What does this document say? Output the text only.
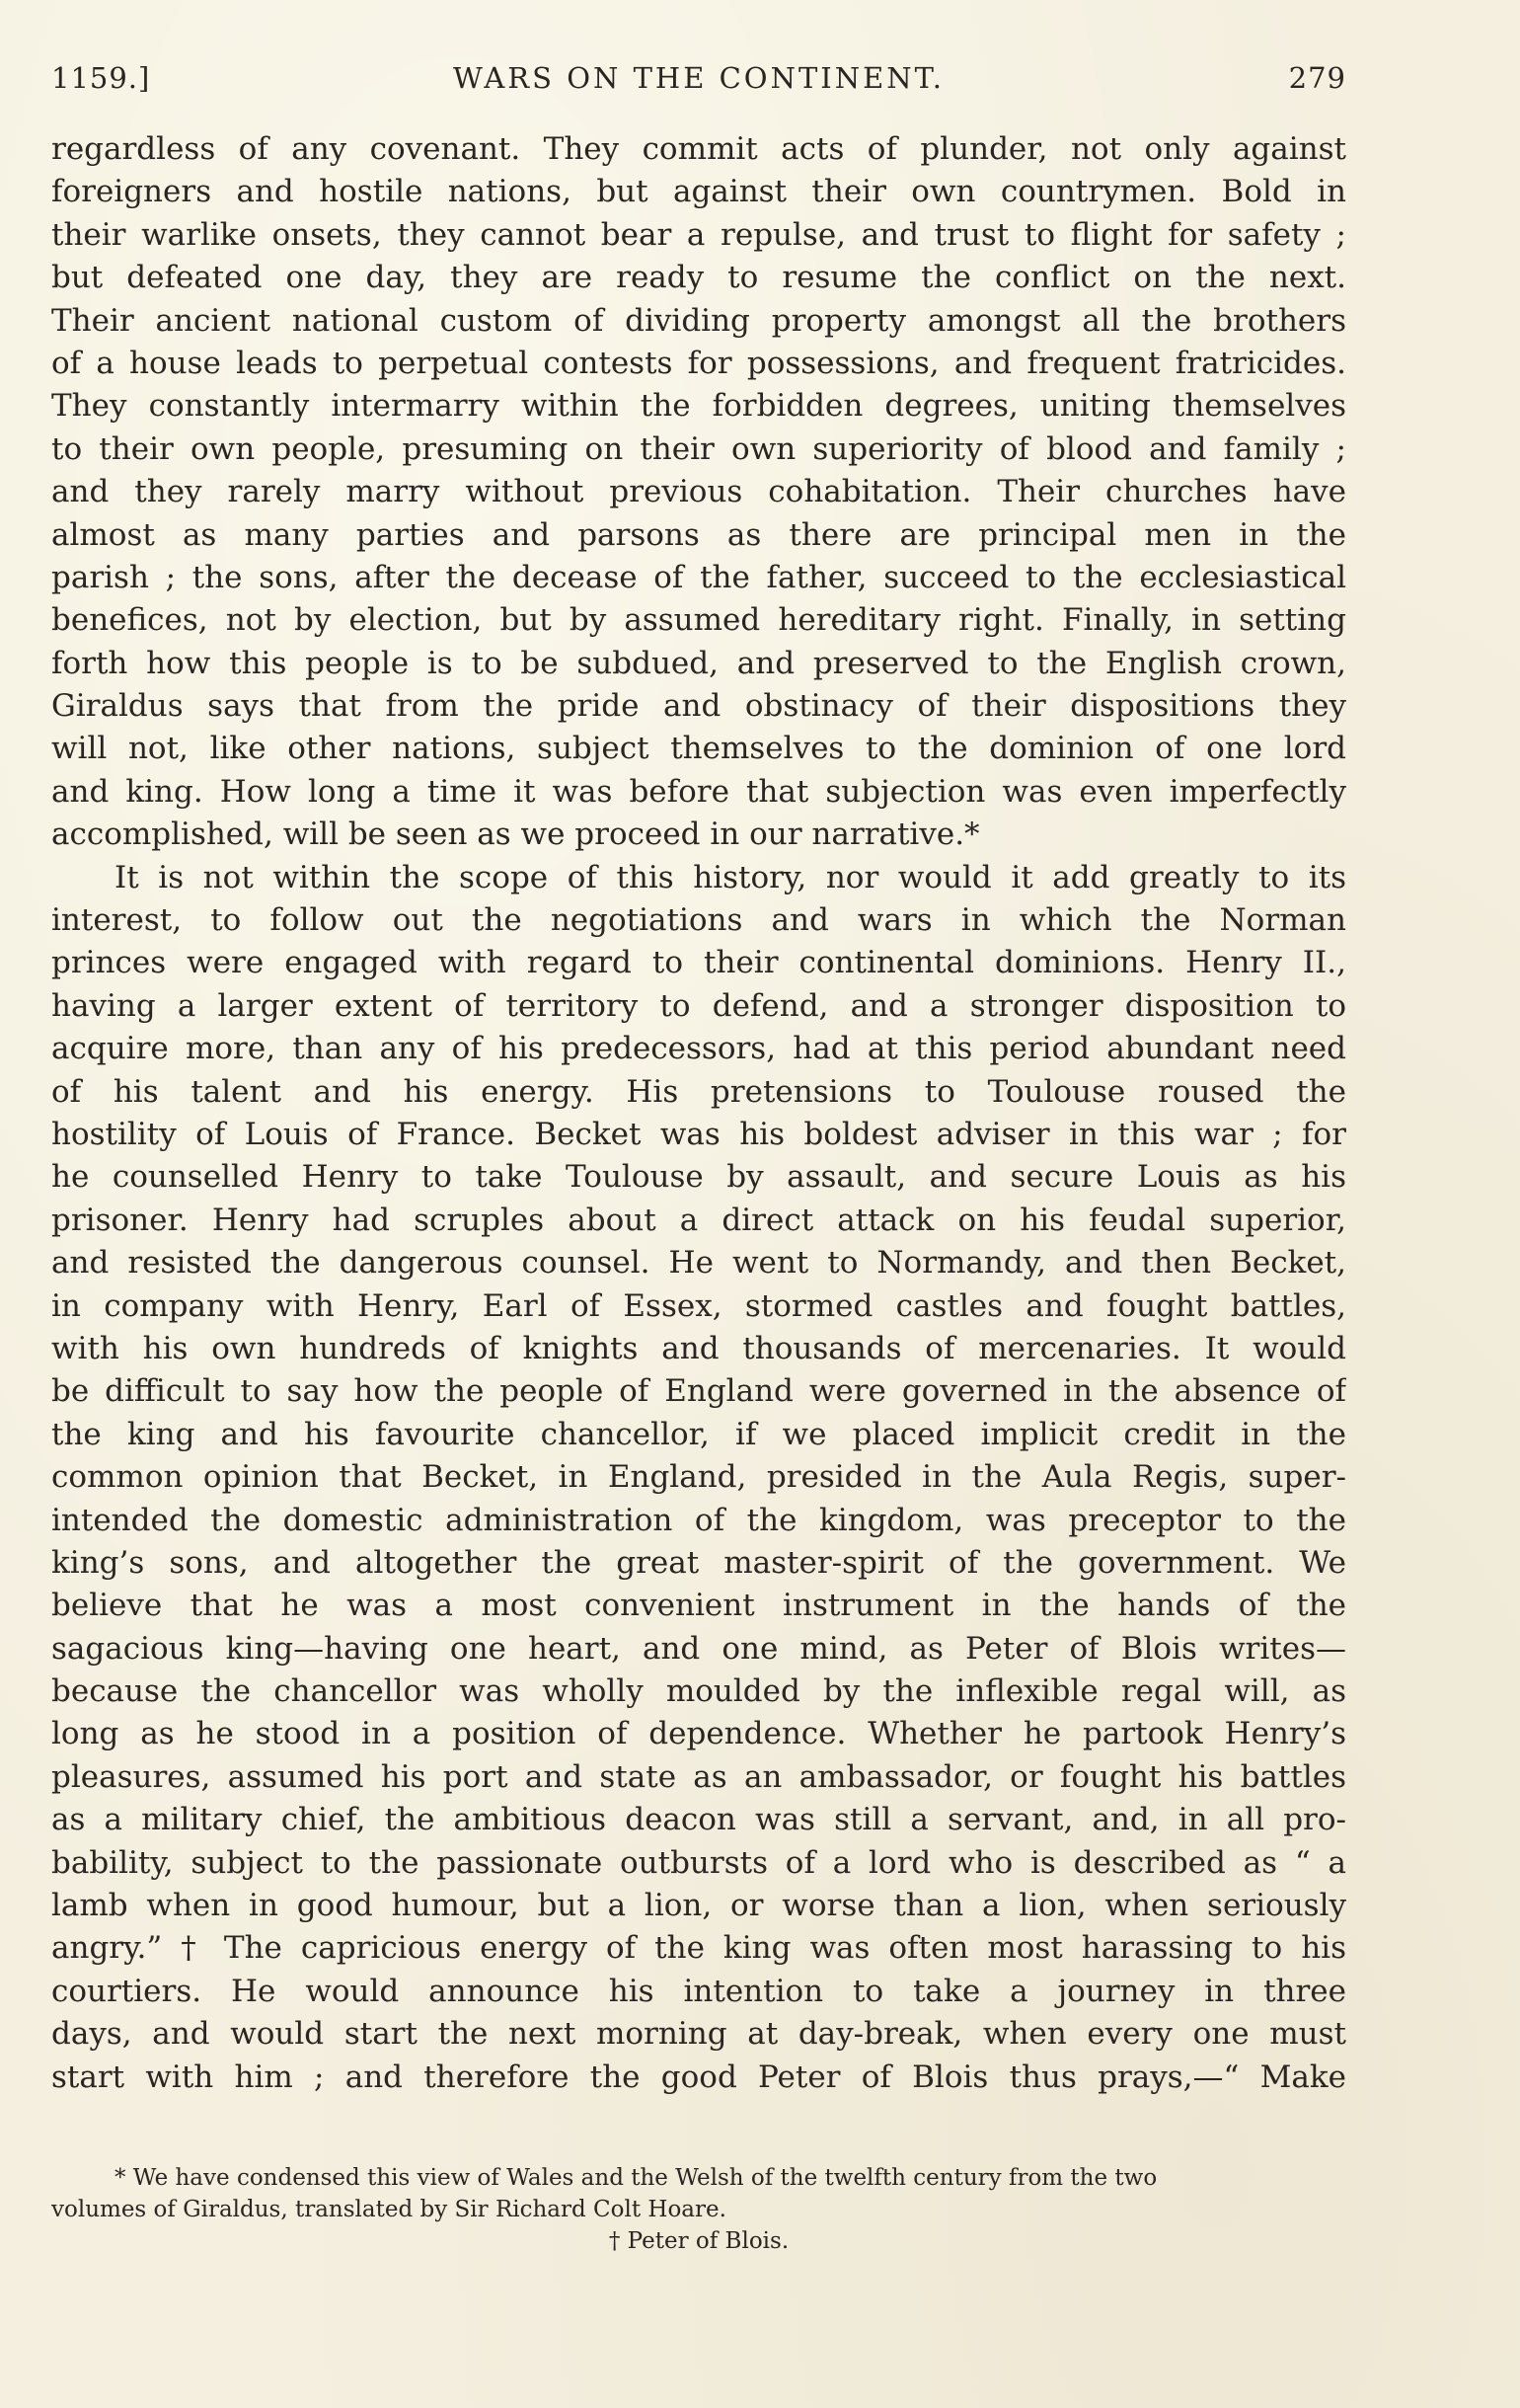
1159.]	WARS ON THE CONTINENT.	279
regardless of any covenant. They commit acts of plunder, not only against
foreigners and hostile nations, but against their own countrymen. Bold in
their warlike onsets, they cannot bear a repulse, and trust to flight for safety ;
but defeated one day, they are ready to resume the conflict on the next.
Their ancient national custom of dividing property amongst all the brothers
of a house leads to perpetual contests for possessions, and frequent fratricides.
They constantly intermarry within the forbidden degrees, uniting themselves
to their own people, presuming on their own superiority of blood and family ;
and they rarely marry without previous cohabitation. Their churches have
almost as many parties and parsons as there are principal men in the
parish ; the sons, after the decease of the father, succeed to the ecclesiastical
benefices, not by election, but by assumed hereditary right. Finally, in setting
forth how this people is to be subdued, and preserved to the English crown,
Giraldus says that from the pride and obstinacy of their dispositions they
will not, like other nations, subject themselves to the dominion of one lord
and king. How long a time it was before that subjection was even imperfectly
accomplished, will be seen as we proceed in our narrative.*
It is not within the scope of this history, nor would it add greatly to its
interest, to follow out the negotiations and wars in which the Norman
princes were engaged with regard to their continental dominions. Henry II.,
having a larger extent of territory to defend, and a stronger disposition to
acquire more, than any of his predecessors, had at this period abundant need
of his talent and his energy. His pretensions to Toulouse roused the
hostility of Louis of France. Becket was his boldest adviser in this war ; for
he counselled Henry to take Toulouse by assault, and secure Louis as his
prisoner. Henry had scruples about a direct attack on his feudal superior,
and resisted the dangerous counsel. He went to Normandy, and then Becket,
in company with Henry, Earl of Essex, stormed castles and fought battles,
with his own hundreds of knights and thousands of mercenaries. It would
be difficult to say how the people of England were governed in the absence of
the king and his favourite chancellor, if we placed implicit credit in the
common opinion that Becket, in England, presided in the Aula Regis, super-
intended the domestic administration of the kingdom, was preceptor to the
king’s sons, and altogether the great master-spirit of the government. We
believe that he was a most convenient instrument in the hands of the
sagacious king—having one heart, and one mind, as Peter of Blois writes—
because the chancellor was wholly moulded by the inflexible regal will, as
long as he stood in a position of dependence. Whether he partook Henry’s
pleasures, assumed his port and state as an ambassador, or fought his battles
as a military chief, the ambitious deacon was still a servant, and, in all pro-
bability, subject to the passionate outbursts of a lord who is described as “ a
lamb when in good humour, but a lion, or worse than a lion, when seriously
angry.” † The capricious energy of the king was often most harassing to his
courtiers. He would announce his intention to take a journey in three
days, and would start the next morning at day-break, when every one must
start with him ; and therefore the good Peter of Blois thus prays,—“ Make
* We have condensed this view of Wales and the Welsh of the twelfth century from the two
volumes of Giraldus, translated by Sir Richard Colt Hoare.
† Peter of Blois.
